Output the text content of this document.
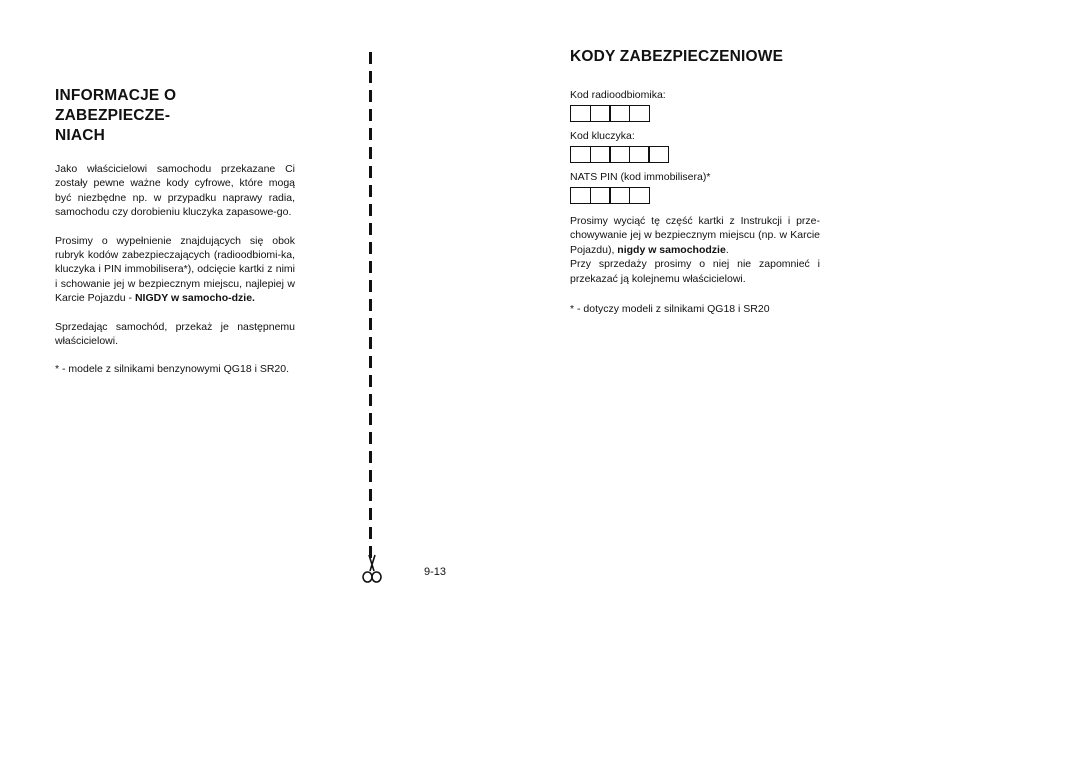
INFORMACJE O ZABEZPIECZE-
NIACH

Jako właścicielowi samochodu przekazane Ci zostały pewne ważne kody cyfrowe, które mogą być niezbędne np. w przypadku naprawy radia, samochodu czy dorobieniu kluczyka zapasowe-go.

Prosimy o wypełnienie znajdujących się obok rubryk kodów zabezpieczających (radioodbiomi-ka, kluczyka i PIN immobilisera*), odcięcie kartki z nimi i schowanie jej w bezpiecznym miejscu, najlepiej w Karcie Pojazdu - NIGDY w samocho-dzie.

Sprzedając samochód, przekaż je następnemu właścicielowi.

* - modele z silnikami benzynowymi QG18 i SR20.

9-13
KODY ZABEZPIECZENIOWE
Kod radioodbiomika:
Kod kluczyka:
NATS PIN (kod immobilisera)*

Prosimy wyciąć tę część kartki z Instrukcji i prze-chowywanie jej w bezpiecznym miejscu (np. w Karcie Pojazdu), nigdy w samochodzie.

Przy sprzedaży prosimy o niej nie zapomnieć i przekazać ją kolejnemu właścicielowi.

* - dotyczy modeli z silnikami QG18 i SR20
